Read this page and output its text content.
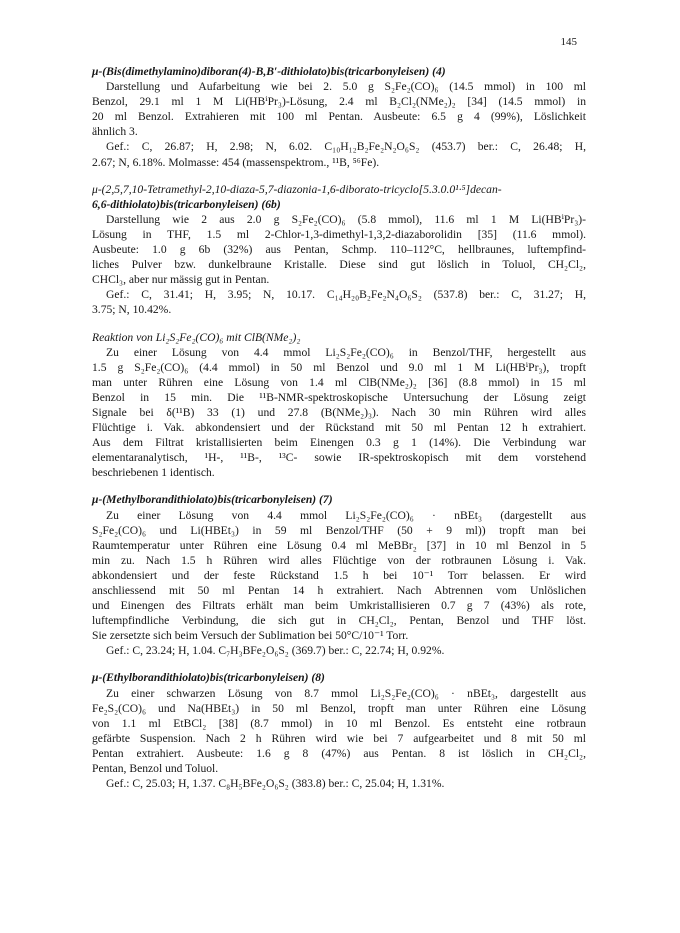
145
μ-(Bis(dimethylamino)diboran(4)-B,B′-dithiolato)bis(tricarbonyleisen) (4)
Darstellung und Aufarbeitung wie bei 2. 5.0 g S₂Fe₂(CO)₆ (14.5 mmol) in 100 ml
Benzol, 29.1 ml 1 M Li(HBⁱPr₃)-Lösung, 2.4 ml B₂Cl₂(NMe₂)₂ [34] (14.5 mmol) in
20 ml Benzol. Extrahieren mit 100 ml Pentan. Ausbeute: 6.5 g 4 (99%), Löslichkeit
ähnlich 3.
Gef.: C, 26.87; H, 2.98; N, 6.02. C₁₀H₁₂B₂Fe₂N₂O₆S₂ (453.7) ber.: C, 26.48; H,
2.67; N, 6.18%. Molmasse: 454 (massenspektrom., ¹¹B, ⁵⁶Fe).
μ-(2,5,7,10-Tetramethyl-2,10-diaza-5,7-diazonia-1,6-diborato-tricyclo[5.3.0.0¹·⁵]decan-
6,6-dithiolato)bis(tricarbonyleisen) (6b)
Darstellung wie 2 aus 2.0 g S₂Fe₂(CO)₆ (5.8 mmol), 11.6 ml 1 M Li(HBⁱPr₃)-
Lösung in THF, 1.5 ml 2-Chlor-1,3-dimethyl-1,3,2-diazaborolidin [35] (11.6 mmol).
Ausbeute: 1.0 g 6b (32%) aus Pentan, Schmp. 110–112°C, hellbraunes, luftempfind-
liches Pulver bzw. dunkelbraune Kristalle. Diese sind gut löslich in Toluol, CH₂Cl₂,
CHCl₃, aber nur mässig gut in Pentan.
Gef.: C, 31.41; H, 3.95; N, 10.17. C₁₄H₂₀B₂Fe₂N₄O₆S₂ (537.8) ber.: C, 31.27; H,
3.75; N, 10.42%.
Reaktion von Li₂S₂Fe₂(CO)₆ mit ClB(NMe₂)₂
Zu einer Lösung von 4.4 mmol Li₂S₂Fe₂(CO)₆ in Benzol/THF, hergestellt aus
1.5 g S₂Fe₂(CO)₆ (4.4 mmol) in 50 ml Benzol und 9.0 ml 1 M Li(HBⁱPr₃), tropft
man unter Rühren eine Lösung von 1.4 ml ClB(NMe₂)₂ [36] (8.8 mmol) in 15 ml
Benzol in 15 min. Die ¹¹B-NMR-spektroskopische Untersuchung der Lösung zeigt
Signale bei δ(¹¹B) 33 (1) und 27.8 (B(NMe₂)₃). Nach 30 min Rühren wird alles
Flüchtige i. Vak. abkondensiert und der Rückstand mit 50 ml Pentan 12 h extrahiert.
Aus dem Filtrat kristallisierten beim Einengen 0.3 g 1 (14%). Die Verbindung war
elementaranalytisch, ¹H-, ¹¹B-, ¹³C- sowie IR-spektroskopisch mit dem vorstehend
beschriebenen 1 identisch.
μ-(Methylborandithiolato)bis(tricarbonyleisen) (7)
Zu einer Lösung von 4.4 mmol Li₂S₂Fe₂(CO)₆ · nBEt₃ (dargestellt aus
S₂Fe₂(CO)₆ und Li(HBEt₃) in 59 ml Benzol/THF (50 + 9 ml)) tropft man bei
Raumtemperatur unter Rühren eine Lösung 0.4 ml MeBBr₂ [37] in 10 ml Benzol in 5
min zu. Nach 1.5 h Rühren wird alles Flüchtige von der rotbraunen Lösung i. Vak.
abkondensiert und der feste Rückstand 1.5 h bei 10⁻¹ Torr belassen. Er wird
anschliessend mit 50 ml Pentan 14 h extrahiert. Nach Abtrennen vom Unlöslichen
und Einengen des Filtrats erhält man beim Umkristallisieren 0.7 g 7 (43%) als rote,
luftempfindliche Verbindung, die sich gut in CH₂Cl₂, Pentan, Benzol und THF löst.
Sie zersetzte sich beim Versuch der Sublimation bei 50°C/10⁻¹ Torr.
Gef.: C, 23.24; H, 1.04. C₇H₃BFe₂O₆S₂ (369.7) ber.: C, 22.74; H, 0.92%.
μ-(Ethylborandithiolato)bis(tricarbonyleisen) (8)
Zu einer schwarzen Lösung von 8.7 mmol Li₂S₂Fe₂(CO)₆ · nBEt₃, dargestellt aus
Fe₂S₂(CO)₆ und Na(HBEt₃) in 50 ml Benzol, tropft man unter Rühren eine Lösung
von 1.1 ml EtBCl₂ [38] (8.7 mmol) in 10 ml Benzol. Es entsteht eine rotbraun
gefärbte Suspension. Nach 2 h Rühren wird wie bei 7 aufgearbeitet und 8 mit 50 ml
Pentan extrahiert. Ausbeute: 1.6 g 8 (47%) aus Pentan. 8 ist löslich in CH₂Cl₂,
Pentan, Benzol und Toluol.
Gef.: C, 25.03; H, 1.37. C₈H₅BFe₂O₆S₂ (383.8) ber.: C, 25.04; H, 1.31%.
